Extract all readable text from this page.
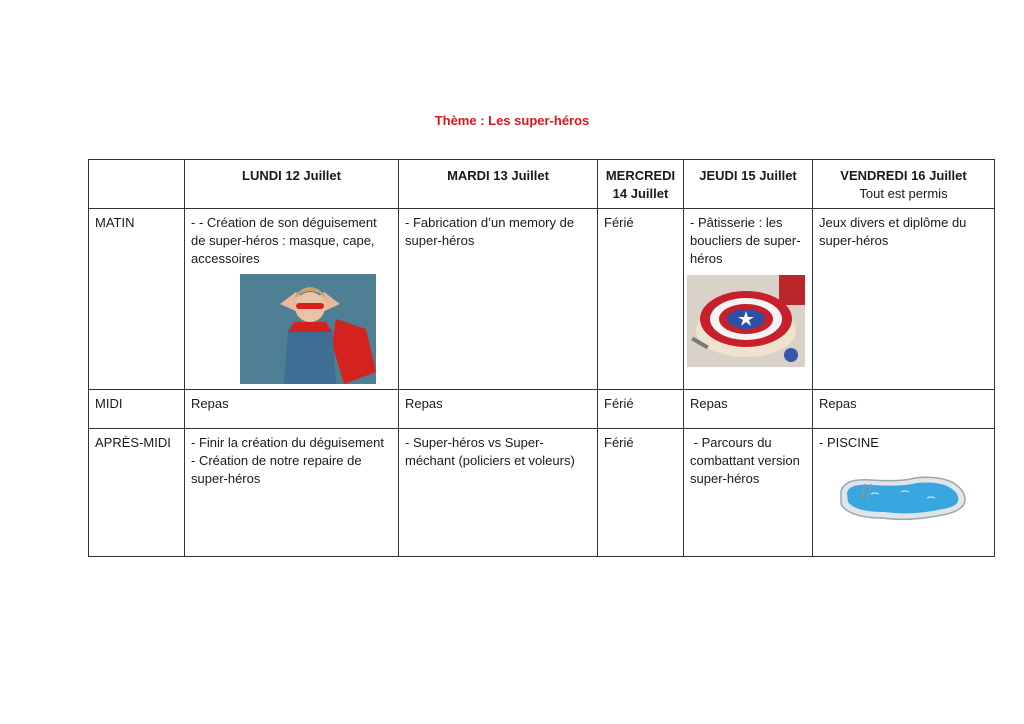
Thème : Les super-héros

	LUNDI 12 Juillet	MARDI 13 Juillet	MERCREDI 14 Juillet	JEUDI 15 Juillet	VENDREDI 16 Juillet
Tout est permis

MATIN	- - Création de son déguisement de super-héros : masque, cape, accessoires	- Fabrication d’un memory de super-héros	Férié	- Pâtisserie : les boucliers de super-héros	Jeux divers et diplôme du super-héros

MIDI	Repas	Repas	Férié	Repas	Repas
APRÈS-MIDI	- Finir la création du déguisement
- Création de notre repaire de super-héros	- Super-héros vs Super-méchant (policiers et voleurs)	Férié	- Parcours du combattant version super-héros	- PISCINE
